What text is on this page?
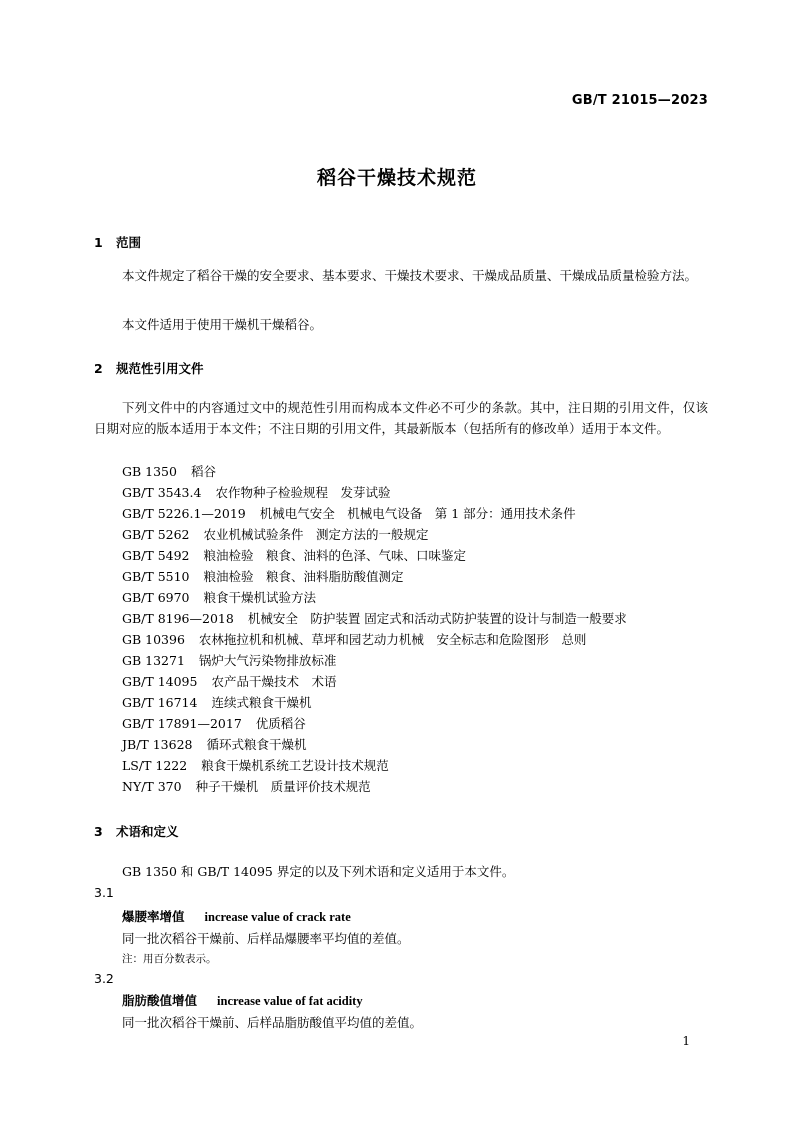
GB/T 21015—2023
稻谷干燥技术规范
1 范围

本文件规定了稻谷干燥的安全要求、基本要求、干燥技术要求、干燥成品质量、干燥成品质量检验方法。

本文件适用于使用干燥机干燥稻谷。

2 规范性引用文件

下列文件中的内容通过文中的规范性引用而构成本文件必不可少的条款。其中，注日期的引用文件，仅该日期对应的版本适用于本文件；不注日期的引用文件，其最新版本（包括所有的修改单）适用于本文件。

GB 1350 稻谷
GB/T 3543.4 农作物种子检验规程　发芽试验
GB/T 5226.1—2019 机械电气安全　机械电气设备　第 1 部分：通用技术条件
GB/T 5262 农业机械试验条件　测定方法的一般规定
GB/T 5492 粮油检验　粮食、油料的色泽、气味、口味鉴定
GB/T 5510 粮油检验　粮食、油料脂肪酸值测定
GB/T 6970 粮食干燥机试验方法
GB/T 8196—2018 机械安全　防护装置 固定式和活动式防护装置的设计与制造一般要求
GB 10396 农林拖拉机和机械、草坪和园艺动力机械　安全标志和危险图形　总则
GB 13271 锅炉大气污染物排放标准
GB/T 14095 农产品干燥技术　术语
GB/T 16714 连续式粮食干燥机
GB/T 17891—2017 优质稻谷
JB/T 13628 循环式粮食干燥机
LS/T 1222 粮食干燥机系统工艺设计技术规范
NY/T 370 种子干燥机　质量评价技术规范
3 术语和定义

GB 1350 和 GB/T 14095 界定的以及下列术语和定义适用于本文件。

3.1
爆腰率增值 increase value of crack rate
同一批次稻谷干燥前、后样品爆腰率平均值的差值。
注：用百分数表示。
3.2
脂肪酸值增值 increase value of fat acidity
同一批次稻谷干燥前、后样品脂肪酸值平均值的差值。
1
